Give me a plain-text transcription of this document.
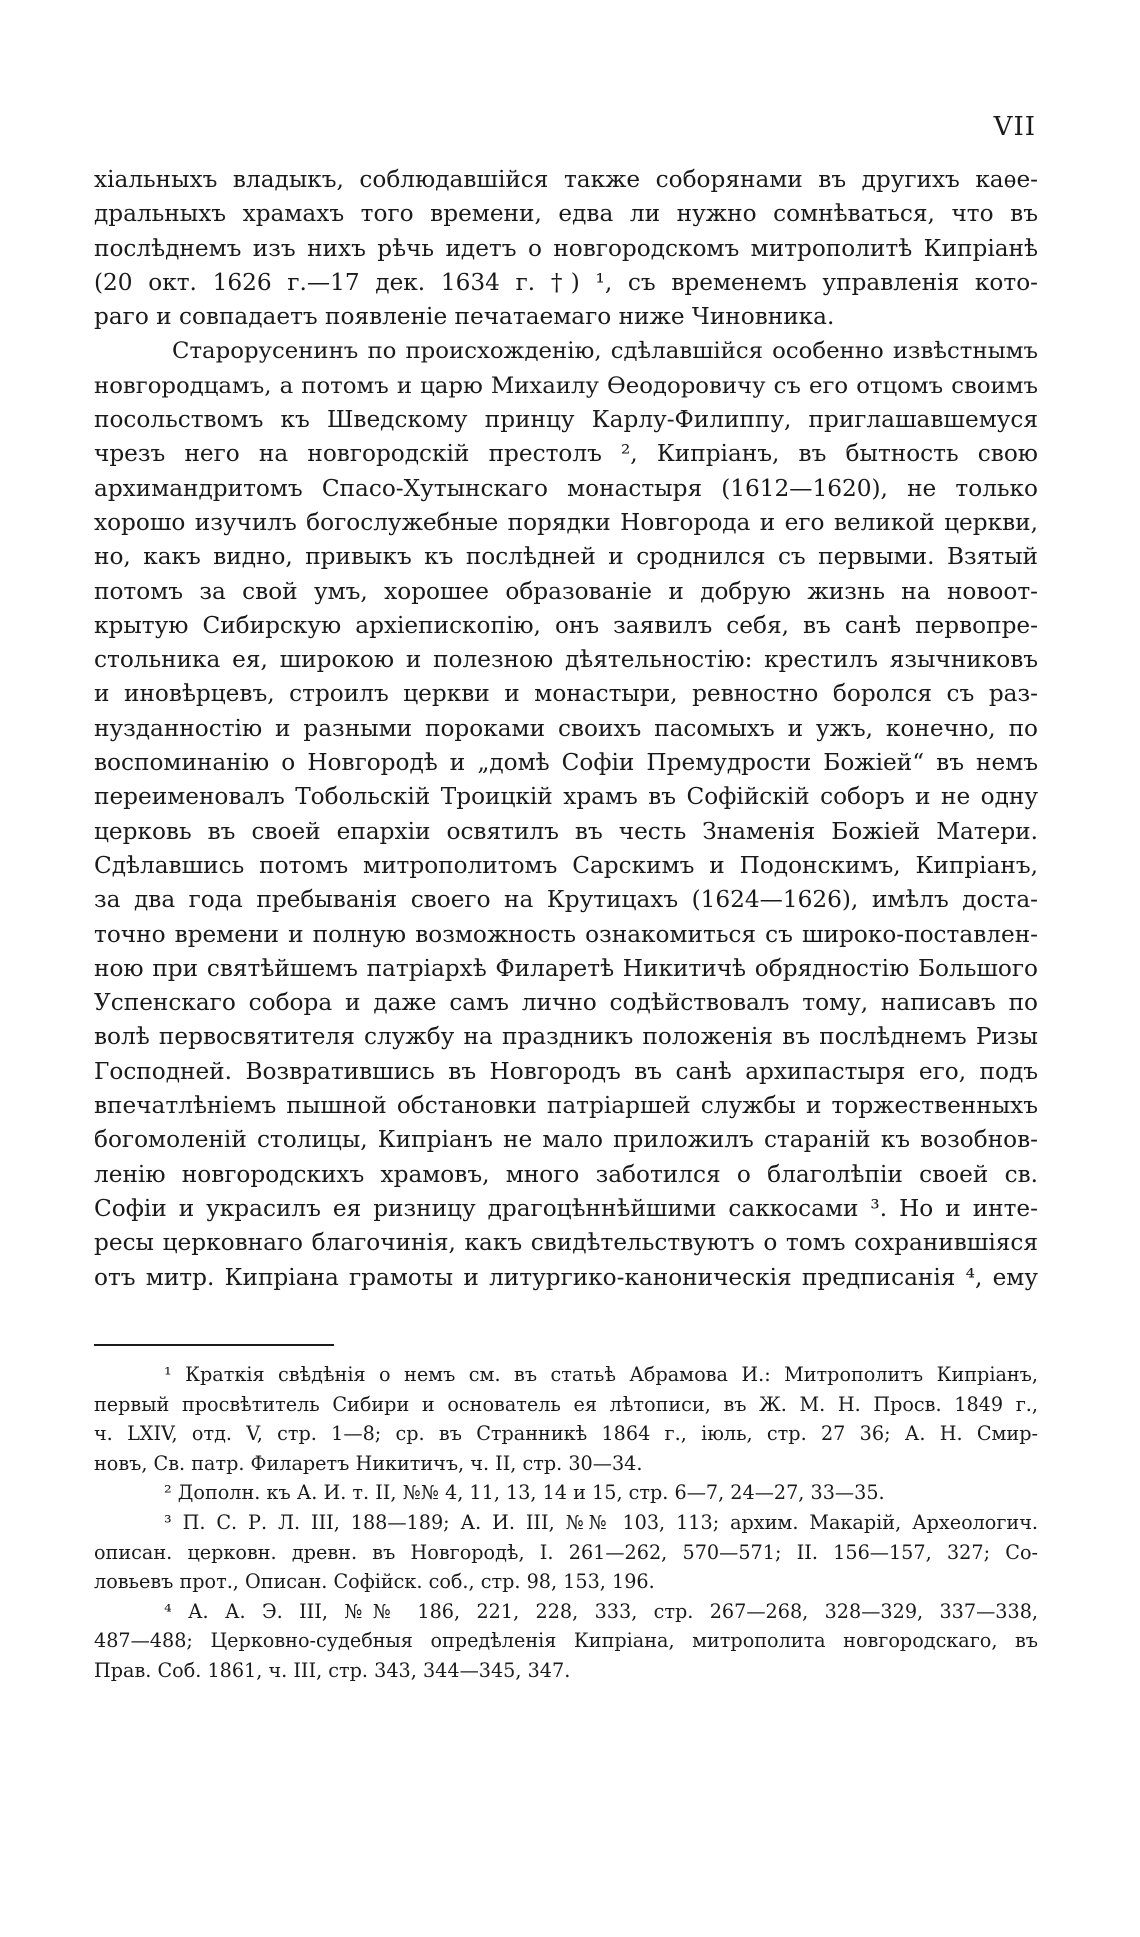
VII
хіальныхъ владыкъ, соблюдавшійся также соборянами въ другихъ каѳе-
дральныхъ храмахъ того времени, едва ли нужно сомнѣваться, что въ
послѣднемъ изъ нихъ рѣчь идетъ о новгородскомъ митрополитѣ Кипріанѣ
(20 окт. 1626 г.—17 дек. 1634 г. †) ¹, съ временемъ управленія кото-
раго и совпадаетъ появленіе печатаемаго ниже Чиновника.
Старорусенинъ по происхожденію, сдѣлавшійся особенно извѣстнымъ
новгородцамъ, а потомъ и царю Михаилу Ѳеодоровичу съ его отцомъ своимъ
посольствомъ къ Шведскому принцу Карлу-Филиппу, приглашавшемуся
чрезъ него на новгородскій престолъ ², Кипріанъ, въ бытность свою
архимандритомъ Спасо-Хутынскаго монастыря (1612—1620), не только
хорошо изучилъ богослужебные порядки Новгорода и его великой церкви,
но, какъ видно, привыкъ къ послѣдней и сроднился съ первыми. Взятый
потомъ за свой умъ, хорошее образованіе и добрую жизнь на новоот-
крытую Сибирскую архіепископію, онъ заявилъ себя, въ санѣ первопре-
стольника ея, широкою и полезною дѣятельностію: крестилъ язычниковъ
и иновѣрцевъ, строилъ церкви и монастыри, ревностно боролся съ раз-
нузданностію и разными пороками своихъ пасомыхъ и ужъ, конечно, по
воспоминанію о Новгородѣ и „домѣ Софіи Премудрости Божіей“ въ немъ
переименовалъ Тобольскій Троицкій храмъ въ Софійскій соборъ и не одну
церковь въ своей епархіи освятилъ въ честь Знаменія Божіей Матери.
Сдѣлавшись потомъ митрополитомъ Сарскимъ и Подонскимъ, Кипріанъ,
за два года пребыванія своего на Крутицахъ (1624—1626), имѣлъ доста-
точно времени и полную возможность ознакомиться съ широко-поставлен-
ною при святѣйшемъ патріархѣ Филаретѣ Никитичѣ обрядностію Большого
Успенскаго собора и даже самъ лично содѣйствовалъ тому, написавъ по
волѣ первосвятителя службу на праздникъ положенія въ послѣднемъ Ризы
Господней. Возвратившись въ Новгородъ въ санѣ архипастыря его, подъ
впечатлѣніемъ пышной обстановки патріаршей службы и торжественныхъ
богомоленій столицы, Кипріанъ не мало приложилъ стараній къ возобнов-
ленію новгородскихъ храмовъ, много заботился о благолѣпіи своей св.
Софіи и украсилъ ея ризницу драгоцѣннѣйшими саккосами ³. Но и инте-
ресы церковнаго благочинія, какъ свидѣтельствуютъ о томъ сохранившіяся
отъ митр. Кипріана грамоты и литургико-каноническія предписанія ⁴, ему
¹ Краткія свѣдѣнія о немъ см. въ статьѣ Абрамова И.: Митрополитъ Кипріанъ,
первый просвѣтитель Сибири и основатель ея лѣтописи, въ Ж. М. Н. Просв. 1849 г.,
ч. LXIV, отд. V, стр. 1—8; ср. въ Странникѣ 1864 г., іюль, стр. 27 36; А. Н. Смир-
новъ, Св. патр. Филаретъ Никитичъ, ч. II, стр. 30—34.
² Дополн. къ А. И. т. II, №№ 4, 11, 13, 14 и 15, стр. 6—7, 24—27, 33—35.
³ П. С. Р. Л. III, 188—189; А. И. III, №№ 103, 113; архим. Макарій, Археологич.
описан. церковн. древн. въ Новгородѣ, I. 261—262, 570—571; II. 156—157, 327; Со-
ловьевъ прот., Описан. Софійск. соб., стр. 98, 153, 196.
⁴ А. А. Э. III, №№ 186, 221, 228, 333, стр. 267—268, 328—329, 337—338,
487—488; Церковно-судебныя опредѣленія Кипріана, митрополита новгородскаго, въ
Прав. Соб. 1861, ч. III, стр. 343, 344—345, 347.
